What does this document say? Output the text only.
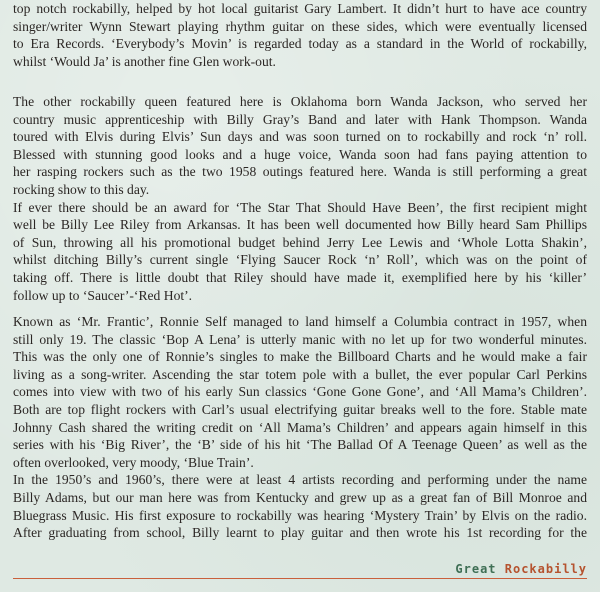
top notch rockabilly, helped by hot local guitarist Gary Lambert. It didn’t hurt to have ace country
singer/writer Wynn Stewart playing rhythm guitar on these sides, which were eventually licensed
to Era Records. ‘Everybody’s Movin’ is regarded today as a standard in the World of rockabilly,
whilst ‘Would Ja’ is another fine Glen work-out.
The other rockabilly queen featured here is Oklahoma born Wanda Jackson, who served her
country music apprenticeship with Billy Gray’s Band and later with Hank Thompson. Wanda
toured with Elvis during Elvis’ Sun days and was soon turned on to rockabilly and rock ‘n’ roll.
Blessed with stunning good looks and a huge voice, Wanda soon had fans paying attention to
her rasping rockers such as the two 1958 outings featured here. Wanda is still performing a great
rocking show to this day.
If ever there should be an award for ‘The Star That Should Have Been’, the first recipient might
well be Billy Lee Riley from Arkansas. It has been well documented how Billy heard Sam Phillips
of Sun, throwing all his promotional budget behind Jerry Lee Lewis and ‘Whole Lotta Shakin’,
whilst ditching Billy’s current single ‘Flying Saucer Rock ‘n’ Roll’, which was on the point of
taking off. There is little doubt that Riley should have made it, exemplified here by his ‘killer’
follow up to ‘Saucer’-‘Red Hot’.
Known as ‘Mr. Frantic’, Ronnie Self managed to land himself a Columbia contract in 1957, when
still only 19. The classic ‘Bop A Lena’ is utterly manic with no let up for two wonderful minutes.
This was the only one of Ronnie’s singles to make the Billboard Charts and he would make a fair
living as a song-writer. Ascending the star totem pole with a bullet, the ever popular Carl Perkins
comes into view with two of his early Sun classics ‘Gone Gone Gone’, and ‘All Mama’s Children’.
Both are top flight rockers with Carl’s usual electrifying guitar breaks well to the fore. Stable mate
Johnny Cash shared the writing credit on ‘All Mama’s Children’ and appears again himself in this
series with his ‘Big River’, the ‘B’ side of his hit ‘The Ballad Of A Teenage Queen’ as well as the
often overlooked, very moody, ‘Blue Train’.
In the 1950’s and 1960’s, there were at least 4 artists recording and performing under the name
Billy Adams, but our man here was from Kentucky and grew up as a great fan of Bill Monroe and
Bluegrass Music. His first exposure to rockabilly was hearing ‘Mystery Train’ by Elvis on the radio.
After graduating from school, Billy learnt to play guitar and then wrote his 1st recording for the
Great Rockabilly
